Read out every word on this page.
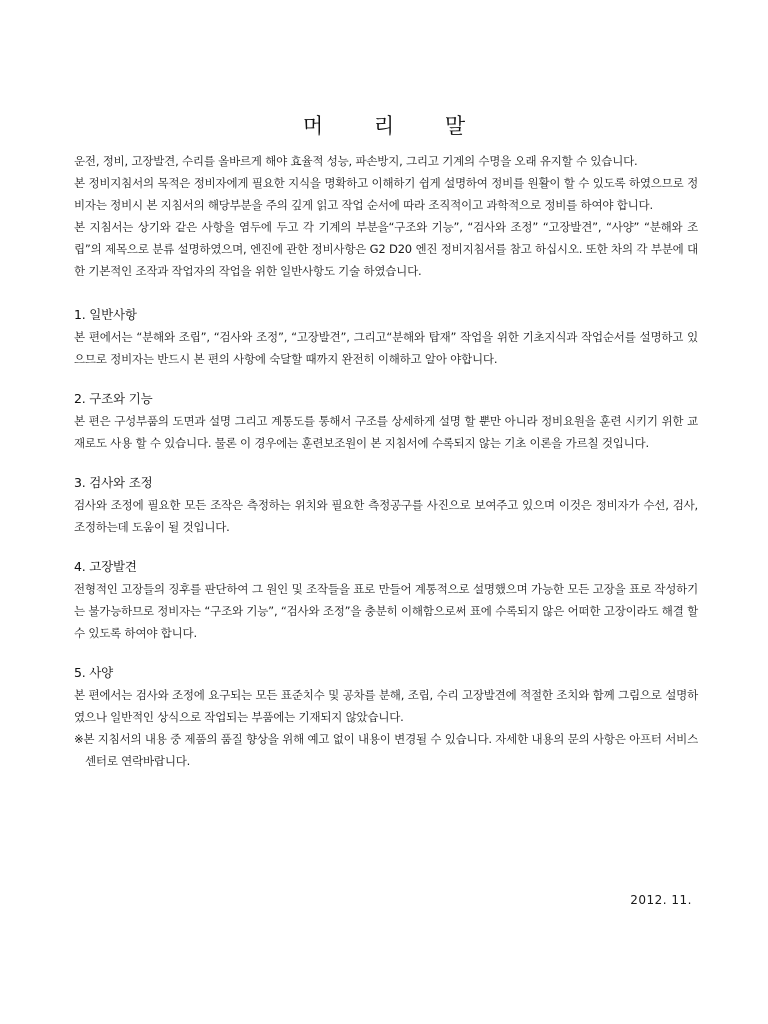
머 리 말

운전, 정비, 고장발견, 수리를 올바르게 해야 효율적 성능, 파손방지, 그리고 기계의 수명을 오래 유지할 수 있습니다.

본 정비지침서의 목적은 정비자에게 필요한 지식을 명확하고 이해하기 쉽게 설명하여 정비를 원활이 할 수 있도록 하였으므로 정비자는 정비시 본 지침서의 해당부분을 주의 깊게 읽고 작업 순서에 따라 조직적이고 과학적으로 정비를 하여야 합니다.

본 지침서는 상기와 같은 사항을 염두에 두고 각 기계의 부분을“구조와 기능”, “검사와 조정” “고장발견”, “사양” “분해와 조립”의 제목으로 분류 설명하였으며, 엔진에 관한 정비사항은 G2 D20 엔진 정비지침서를 참고 하십시오. 또한 차의 각 부분에 대한 기본적인 조작과 작업자의 작업을 위한 일반사항도 기술 하였습니다.

1. 일반사항

본 편에서는 “분해와 조립”, “검사와 조정”, “고장발견”, 그리고“분해와 탑재” 작업을 위한 기초지식과 작업순서를 설명하고 있으므로 정비자는 반드시 본 편의 사항에 숙달할 때까지 완전히 이해하고 알아 야합니다.

2. 구조와 기능

본 편은 구성부품의 도면과 설명 그리고 계통도를 통해서 구조를 상세하게 설명 할 뿐만 아니라 정비요원을 훈련 시키기 위한 교재로도 사용 할 수 있습니다. 물론 이 경우에는 훈련보조원이 본 지침서에 수록되지 않는 기초 이론을 가르칠 것입니다.

3. 검사와 조정

검사와 조정에 필요한 모든 조작은 측정하는 위치와 필요한 측정공구를 사진으로 보여주고 있으며 이것은 정비자가 수선, 검사, 조정하는데 도움이 될 것입니다.

4. 고장발견

전형적인 고장들의 징후를 판단하여 그 원인 및 조작들을 표로 만들어 계통적으로 설명했으며 가능한 모든 고장을 표로 작성하기는 불가능하므로 정비자는 “구조와 기능”, “검사와 조정”을 충분히 이해함으로써 표에 수록되지 않은 어떠한 고장이라도 해결 할 수 있도록 하여야 합니다.

5. 사양

본 편에서는 검사와 조정에 요구되는 모든 표준치수 및 공차를 분해, 조립, 수리 고장발견에 적절한 조치와 함께 그림으로 설명하였으나 일반적인 상식으로 작업되는 부품에는 기재되지 않았습니다.

※본 지침서의 내용 중 제품의 품질 향상을 위해 예고 없이 내용이 변경될 수 있습니다. 자세한 내용의 문의 사항은 아프터 서비스센터로 연락바랍니다.

2012. 11.
